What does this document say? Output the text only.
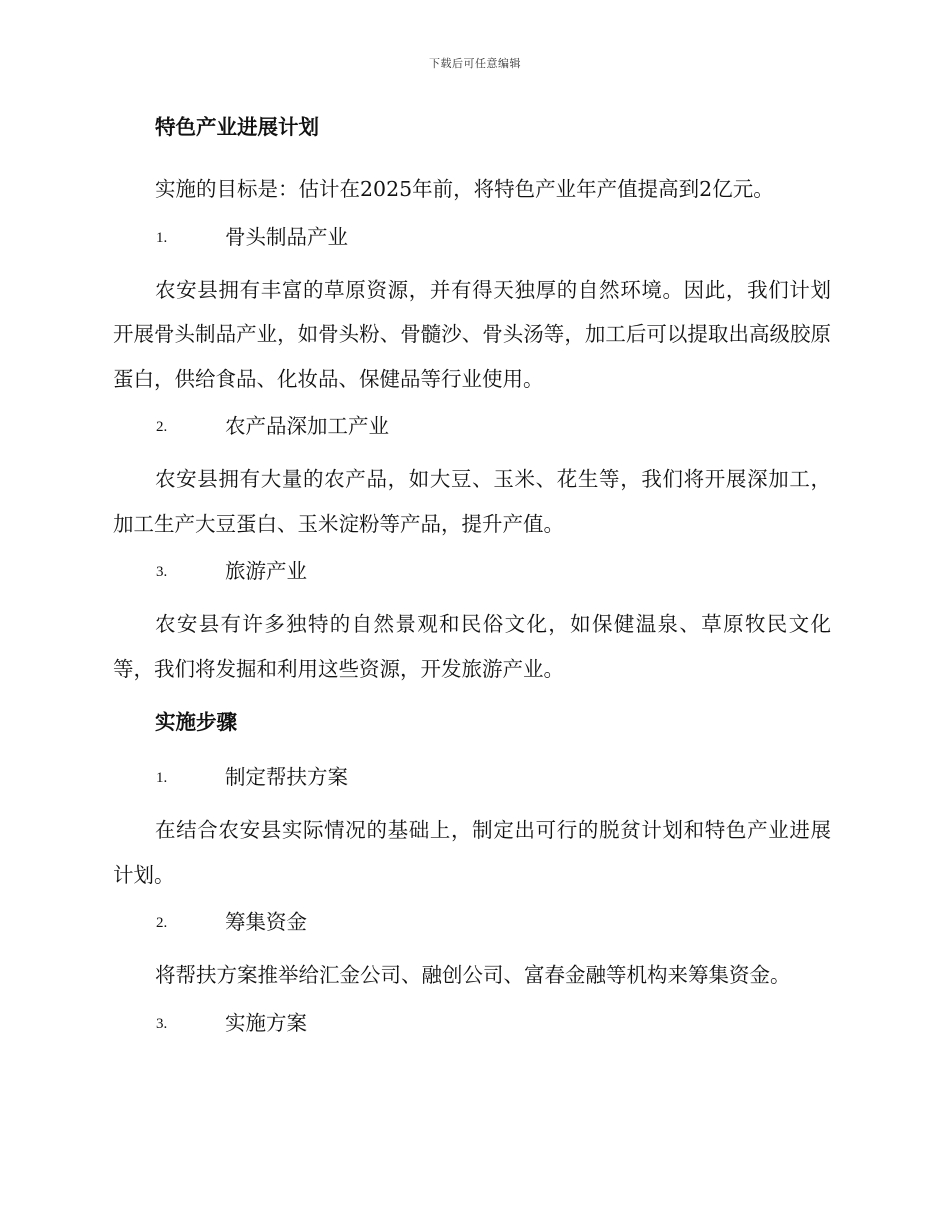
下载后可任意编辑
特色产业进展计划

实施的目标是：估计在2025年前，将特色产业年产值提高到2亿元。

1.	骨头制品产业

农安县拥有丰富的草原资源，并有得天独厚的自然环境。因此，我们计划开展骨头制品产业，如骨头粉、骨髓沙、骨头汤等，加工后可以提取出高级胶原蛋白，供给食品、化妆品、保健品等行业使用。

2.	农产品深加工产业

农安县拥有大量的农产品，如大豆、玉米、花生等，我们将开展深加工，加工生产大豆蛋白、玉米淀粉等产品，提升产值。

3.	旅游产业

农安县有许多独特的自然景观和民俗文化，如保健温泉、草原牧民文化等，我们将发掘和利用这些资源，开发旅游产业。

实施步骤
1.	制定帮扶方案

在结合农安县实际情况的基础上，制定出可行的脱贫计划和特色产业进展计划。

2.	筹集资金

将帮扶方案推举给汇金公司、融创公司、富春金融等机构来筹集资金。

3.	实施方案
